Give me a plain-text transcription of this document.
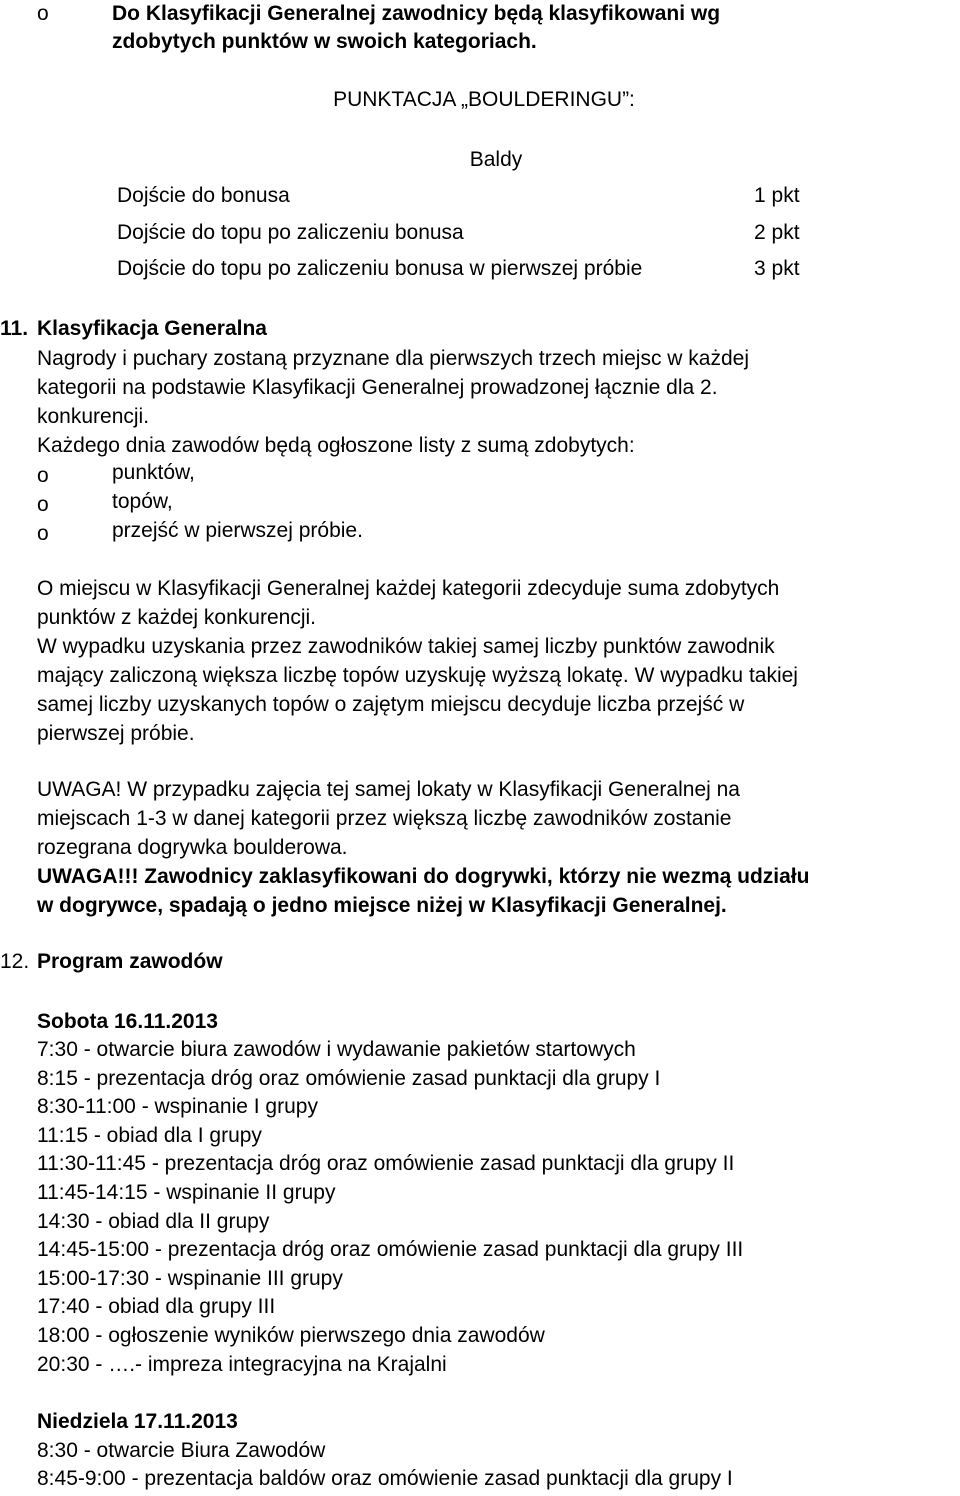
o	Do Klasyfikacji Generalnej zawodnicy będą klasyfikowani wg
zdobytych punktów w swoich kategoriach.
PUNKTACJA „BOULDERINGU”:
Baldy
Dojście do bonusa	1 pkt
Dojście do topu po zaliczeniu bonusa	2 pkt
Dojście do topu po zaliczeniu bonusa w pierwszej próbie	3 pkt
11. Klasyfikacja Generalna
Nagrody i puchary zostaną przyznane dla pierwszych trzech miejsc w każdej
kategorii na podstawie Klasyfikacji Generalnej prowadzonej łącznie dla 2.
konkurencji.
Każdego dnia zawodów będą ogłoszone listy z sumą zdobytych:
o	punktów,
o	topów,
o	przejść w pierwszej próbie.
O miejscu w Klasyfikacji Generalnej każdej kategorii zdecyduje suma zdobytych
punktów z każdej konkurencji.
W wypadku uzyskania przez zawodników takiej samej liczby punktów zawodnik
mający zaliczoną większa liczbę topów uzyskuję wyższą lokatę. W wypadku takiej
samej liczby uzyskanych topów o zajętym miejscu decyduje liczba przejść w
pierwszej próbie.
UWAGA! W przypadku zajęcia tej samej lokaty w Klasyfikacji Generalnej na
miejscach 1-3 w danej kategorii przez większą liczbę zawodników zostanie
rozegrana dogrywka boulderowa.
UWAGA!!! Zawodnicy zaklasyfikowani do dogrywki, którzy nie wezmą udziału
w dogrywce, spadają o jedno miejsce niżej w Klasyfikacji Generalnej.
12. Program zawodów
Sobota 16.11.2013
7:30 - otwarcie biura zawodów i wydawanie pakietów startowych
8:15 - prezentacja dróg oraz omówienie zasad punktacji dla grupy I
8:30-11:00 - wspinanie I grupy
11:15 - obiad dla I grupy
11:30-11:45 - prezentacja dróg oraz omówienie zasad punktacji dla grupy II
11:45-14:15 - wspinanie II grupy
14:30 - obiad dla II grupy
14:45-15:00 - prezentacja dróg oraz omówienie zasad punktacji dla grupy III
15:00-17:30 - wspinanie III grupy
17:40 - obiad dla grupy III
18:00 - ogłoszenie wyników pierwszego dnia zawodów
20:30 - ….- impreza integracyjna na Krajalni
Niedziela 17.11.2013
8:30 - otwarcie Biura Zawodów
8:45-9:00 - prezentacja baldów oraz omówienie zasad punktacji dla grupy I
